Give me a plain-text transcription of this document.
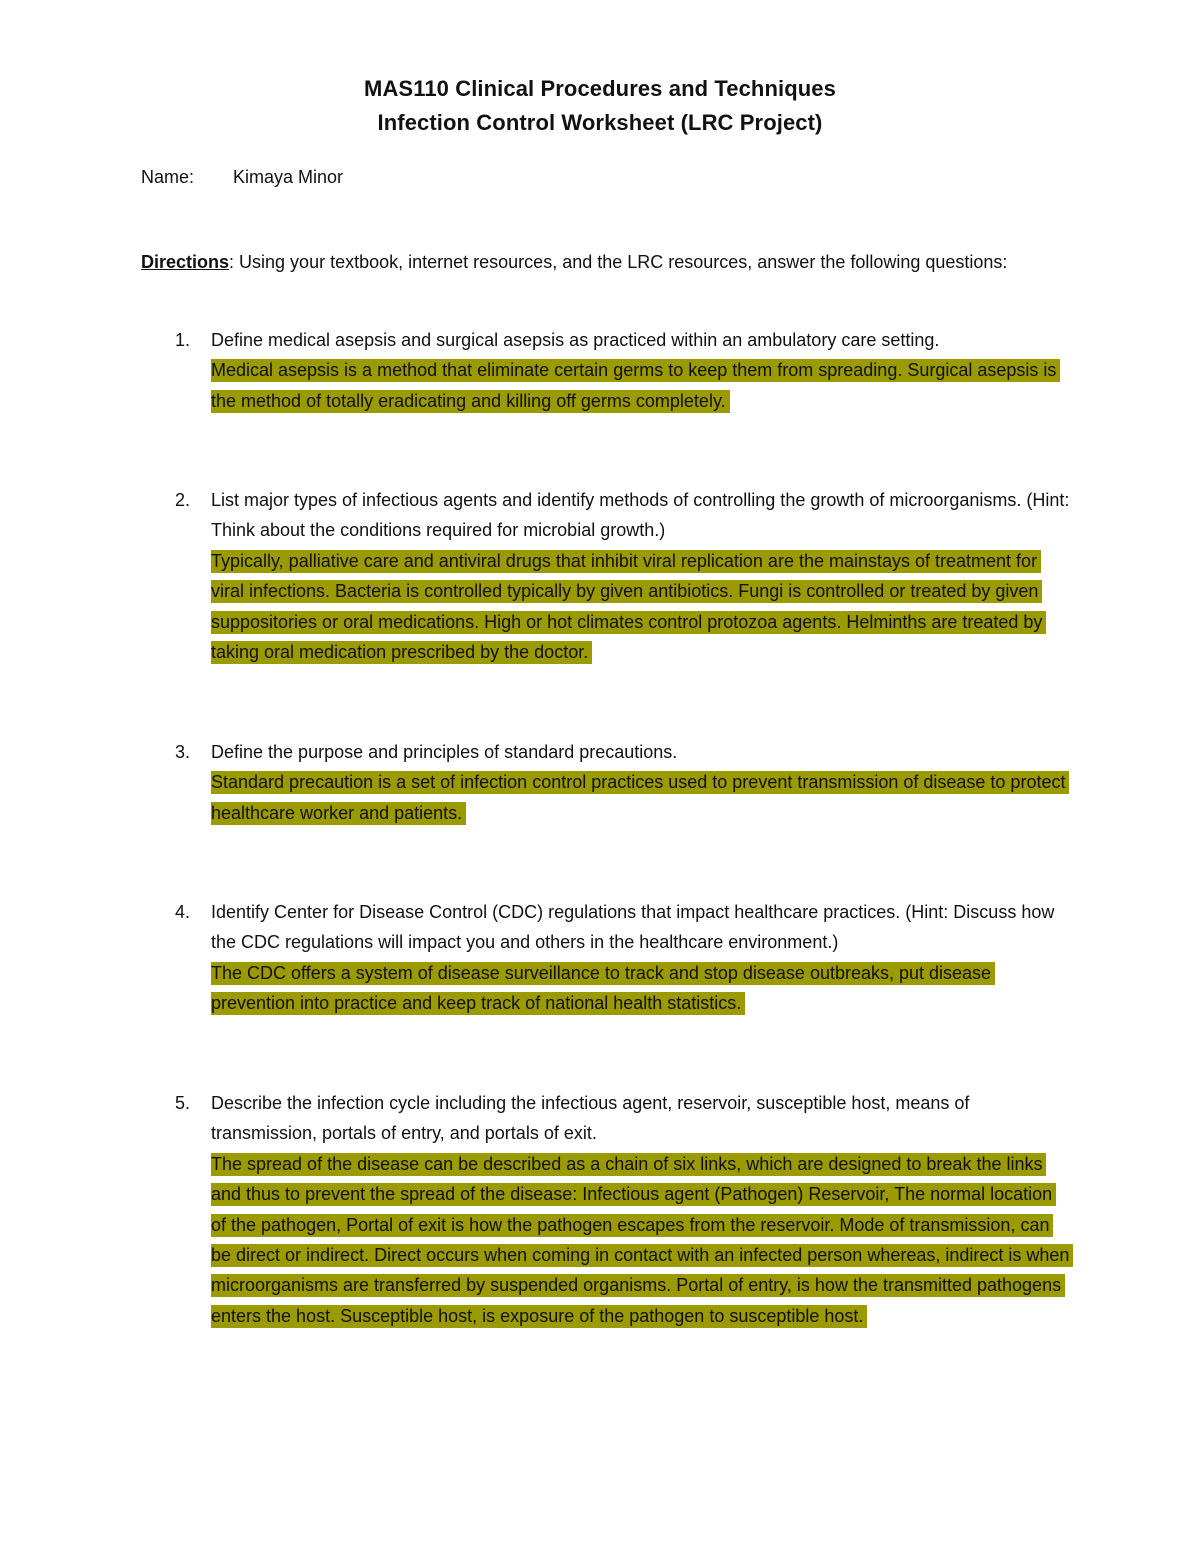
MAS110 Clinical Procedures and Techniques
Infection Control Worksheet (LRC Project)
Name: Kimaya Minor
Directions: Using your textbook, internet resources, and the LRC resources, answer the following questions:
1.	Define medical asepsis and surgical asepsis as practiced within an ambulatory care setting.

Medical asepsis is a method that eliminate certain germs to keep them from spreading. Surgical asepsis is the method of totally eradicating and killing off germs completely.

2.	List major types of infectious agents and identify methods of controlling the growth of microorganisms. (Hint: Think about the conditions required for microbial growth.)

Typically, palliative care and antiviral drugs that inhibit viral replication are the mainstays of treatment for viral infections. Bacteria is controlled typically by given antibiotics. Fungi is controlled or treated by given suppositories or oral medications. High or hot climates control protozoa agents. Helminths are treated by taking oral medication prescribed by the doctor.

3.	Define the purpose and principles of standard precautions.

Standard precaution is a set of infection control practices used to prevent transmission of disease to protect healthcare worker and patients.

4.	Identify Center for Disease Control (CDC) regulations that impact healthcare practices. (Hint: Discuss how the CDC regulations will impact you and others in the healthcare environment.)

The CDC offers a system of disease surveillance to track and stop disease outbreaks, put disease prevention into practice and keep track of national health statistics.

5.	Describe the infection cycle including the infectious agent, reservoir, susceptible host, means of transmission, portals of entry, and portals of exit.

The spread of the disease can be described as a chain of six links, which are designed to break the links and thus to prevent the spread of the disease: Infectious agent (Pathogen) Reservoir, The normal location of the pathogen, Portal of exit is how the pathogen escapes from the reservoir. Mode of transmission, can be direct or indirect. Direct occurs when coming in contact with an infected person whereas, indirect is when microorganisms are transferred by suspended organisms. Portal of entry, is how the transmitted pathogens enters the host. Susceptible host, is exposure of the pathogen to susceptible host.
